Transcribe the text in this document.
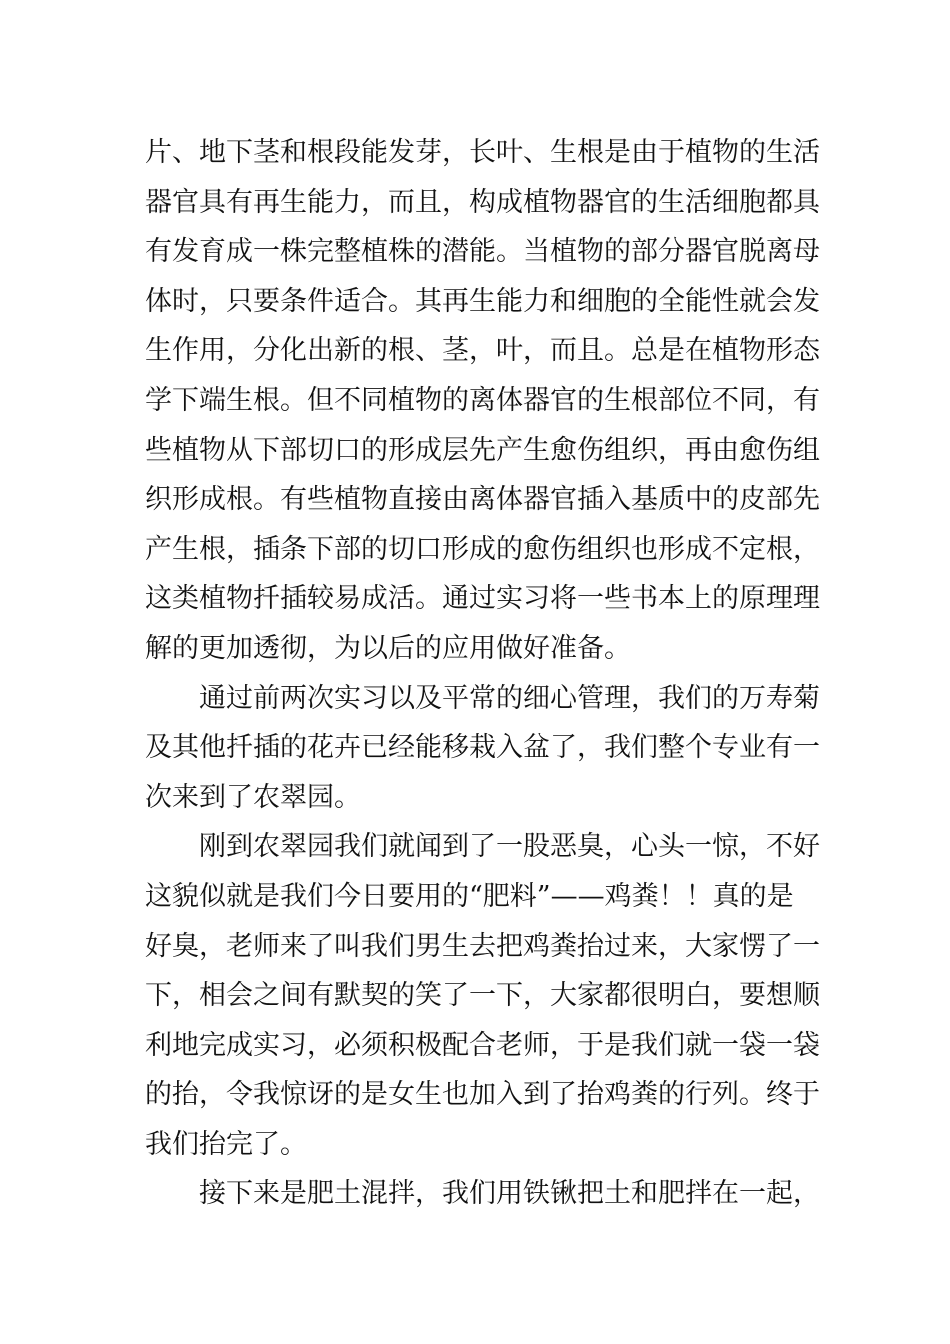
片、地下茎和根段能发芽，长叶、生根是由于植物的生活
器官具有再生能力，而且，构成植物器官的生活细胞都具
有发育成一株完整植株的潜能。当植物的部分器官脱离母
体时，只要条件适合。其再生能力和细胞的全能性就会发
生作用，分化出新的根、茎，叶，而且。总是在植物形态
学下端生根。但不同植物的离体器官的生根部位不同，有
些植物从下部切口的形成层先产生愈伤组织，再由愈伤组
织形成根。有些植物直接由离体器官插入基质中的皮部先
产生根，插条下部的切口形成的愈伤组织也形成不定根，
这类植物扦插较易成活。通过实习将一些书本上的原理理
解的更加透彻，为以后的应用做好准备。

通过前两次实习以及平常的细心管理，我们的万寿菊
及其他扦插的花卉已经能移栽入盆了，我们整个专业有一
次来到了农翠园。

刚到农翠园我们就闻到了一股恶臭，心头一惊，不好
这貌似就是我们今日要用的“肥料”——鸡粪！！真的是
好臭，老师来了叫我们男生去把鸡粪抬过来，大家愣了一
下，相会之间有默契的笑了一下，大家都很明白，要想顺
利地完成实习，必须积极配合老师，于是我们就一袋一袋
的抬，令我惊讶的是女生也加入到了抬鸡粪的行列。终于
我们抬完了。

接下来是肥土混拌，我们用铁锹把土和肥拌在一起，
